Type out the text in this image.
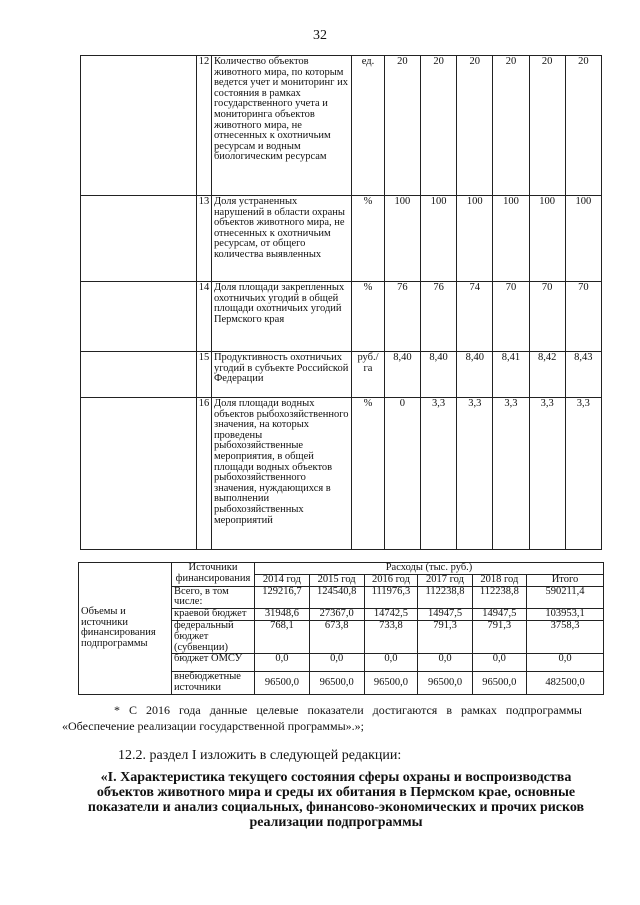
32
	12	Количество объектов животного мира, по которым ведется учет и мониторинг их состояния в рамках государственного учета и мониторинга объектов животного мира, не отнесенных к охотничьим ресурсам и водным биологическим ресурсам	ед.	20	20	20	20	20	20
	13	Доля устраненных нарушений в области охраны объектов животного мира, не отнесенных к охотничьим ресурсам, от общего количества выявленных	%	100	100	100	100	100	100
	14	Доля площади закрепленных охотничьих угодий в общей площади охотничьих угодий Пермского края	%	76	76	74	70	70	70
	15	Продуктивность охотничьих угодий в субъекте Российской Федерации	руб./га	8,40	8,40	8,40	8,41	8,42	8,43
	16	Доля площади водных объектов рыбохозяйственного значения, на которых проведены рыбохозяйственные мероприятия, в общей площади водных объектов рыбохозяйственного значения, нуждающихся в выполнении рыбохозяйственных мероприятий	%	0	3,3	3,3	3,3	3,3	3,3
Объемы и источники финансирования подпрограммы	Источники финансирования	Расходы (тыс. руб.)					
		2014 год	2015 год	2016 год	2017 год	2018 год	Итого
	Всего, в том числе:	129216,7	124540,8	111976,3	112238,8	112238,8	590211,4
	краевой бюджет	31948,6	27367,0	14742,5	14947,5	14947,5	103953,1
	федеральный бюджет (субвенции)	768,1	673,8	733,8	791,3	791,3	3758,3
	бюджет ОМСУ	0,0	0,0	0,0	0,0	0,0	0,0
	внебюджетные источники	96500,0	96500,0	96500,0	96500,0	96500,0	482500,0
* С 2016 года данные целевые показатели достигаются в рамках подпрограммы «Обеспечение реализации государственной программы».»;
12.2. раздел I изложить в следующей редакции:
«I. Характеристика текущего состояния сферы охраны и воспроизводства объектов животного мира и среды их обитания в Пермском крае, основные показатели и анализ социальных, финансово-экономических и прочих рисков реализации подпрограммы
